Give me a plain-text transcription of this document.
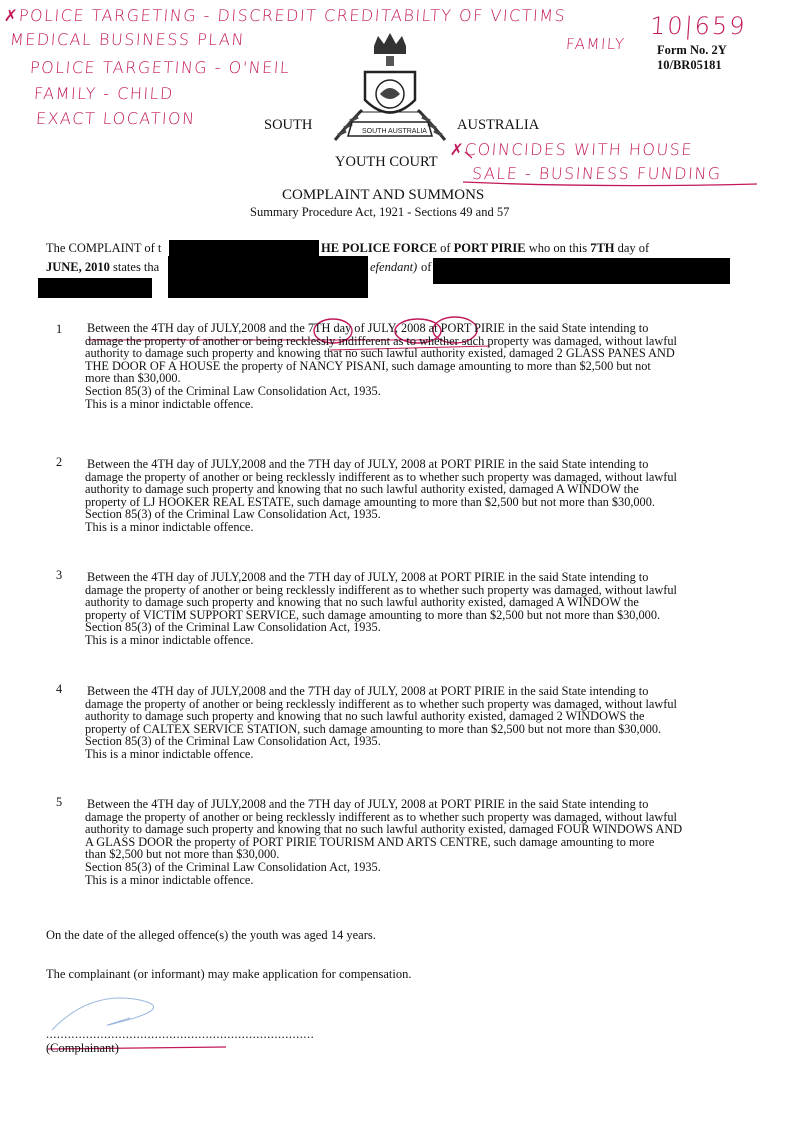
✗POLICE TARGETING - DISCREDIT CREDITABILTY OF VICTIMS	10|659
MEDICAL BUSINESS PLAN	FAMILY
POLICE TARGETING - O'NEIL
FAMILY - CHILD
EXACT LOCATION
✗COINCIDES WITH HOUSE
SALE - BUSINESS FUNDING
Form No. 2Y
10/BR05181
SOUTH AUSTRALIA
SOUTH	AUSTRALIA
YOUTH COURT
COMPLAINT AND SUMMONS
Summary Procedure Act, 1921 - Sections 49 and 57
The COMPLAINT of t	HE POLICE FORCE of PORT PIRIE who on this 7TH day of
JUNE, 2010 states tha	efendant) of
1 Between the 4TH day of JULY,2008 and the 7TH day of JULY, 2008 at PORT PIRIE in the said State intending to
damage the property of another or being recklessly indifferent as to whether such property was damaged, without lawful
authority to damage such property and knowing that no such lawful authority existed, damaged 2 GLASS PANES AND
THE DOOR OF A HOUSE the property of NANCY PISANI, such damage amounting to more than $2,500 but not
more than $30,000.
Section 85(3) of the Criminal Law Consolidation Act, 1935.
This is a minor indictable offence.
2 Between the 4TH day of JULY,2008 and the 7TH day of JULY, 2008 at PORT PIRIE in the said State intending to
damage the property of another or being recklessly indifferent as to whether such property was damaged, without lawful
authority to damage such property and knowing that no such lawful authority existed, damaged A WINDOW the
property of LJ HOOKER REAL ESTATE, such damage amounting to more than $2,500 but not more than $30,000.
Section 85(3) of the Criminal Law Consolidation Act, 1935.
This is a minor indictable offence.
3 Between the 4TH day of JULY,2008 and the 7TH day of JULY, 2008 at PORT PIRIE in the said State intending to
damage the property of another or being recklessly indifferent as to whether such property was damaged, without lawful
authority to damage such property and knowing that no such lawful authority existed, damaged A WINDOW the
property of VICTIM SUPPORT SERVICE, such damage amounting to more than $2,500 but not more than $30,000.
Section 85(3) of the Criminal Law Consolidation Act, 1935.
This is a minor indictable offence.
4 Between the 4TH day of JULY,2008 and the 7TH day of JULY, 2008 at PORT PIRIE in the said State intending to
damage the property of another or being recklessly indifferent as to whether such property was damaged, without lawful
authority to damage such property and knowing that no such lawful authority existed, damaged 2 WINDOWS the
property of CALTEX SERVICE STATION, such damage amounting to more than $2,500 but not more than $30,000.
Section 85(3) of the Criminal Law Consolidation Act, 1935.
This is a minor indictable offence.
5 Between the 4TH day of JULY,2008 and the 7TH day of JULY, 2008 at PORT PIRIE in the said State intending to
damage the property of another or being recklessly indifferent as to whether such property was damaged, without lawful
authority to damage such property and knowing that no such lawful authority existed, damaged FOUR WINDOWS AND
A GLASS DOOR the property of PORT PIRIE TOURISM AND ARTS CENTRE, such damage amounting to more
than $2,500 but not more than $30,000.
Section 85(3) of the Criminal Law Consolidation Act, 1935.
This is a minor indictable offence.
On the date of the alleged offence(s) the youth was aged 14 years.
The complainant (or informant) may make application for compensation.
..........................................................................
(Complainant)
